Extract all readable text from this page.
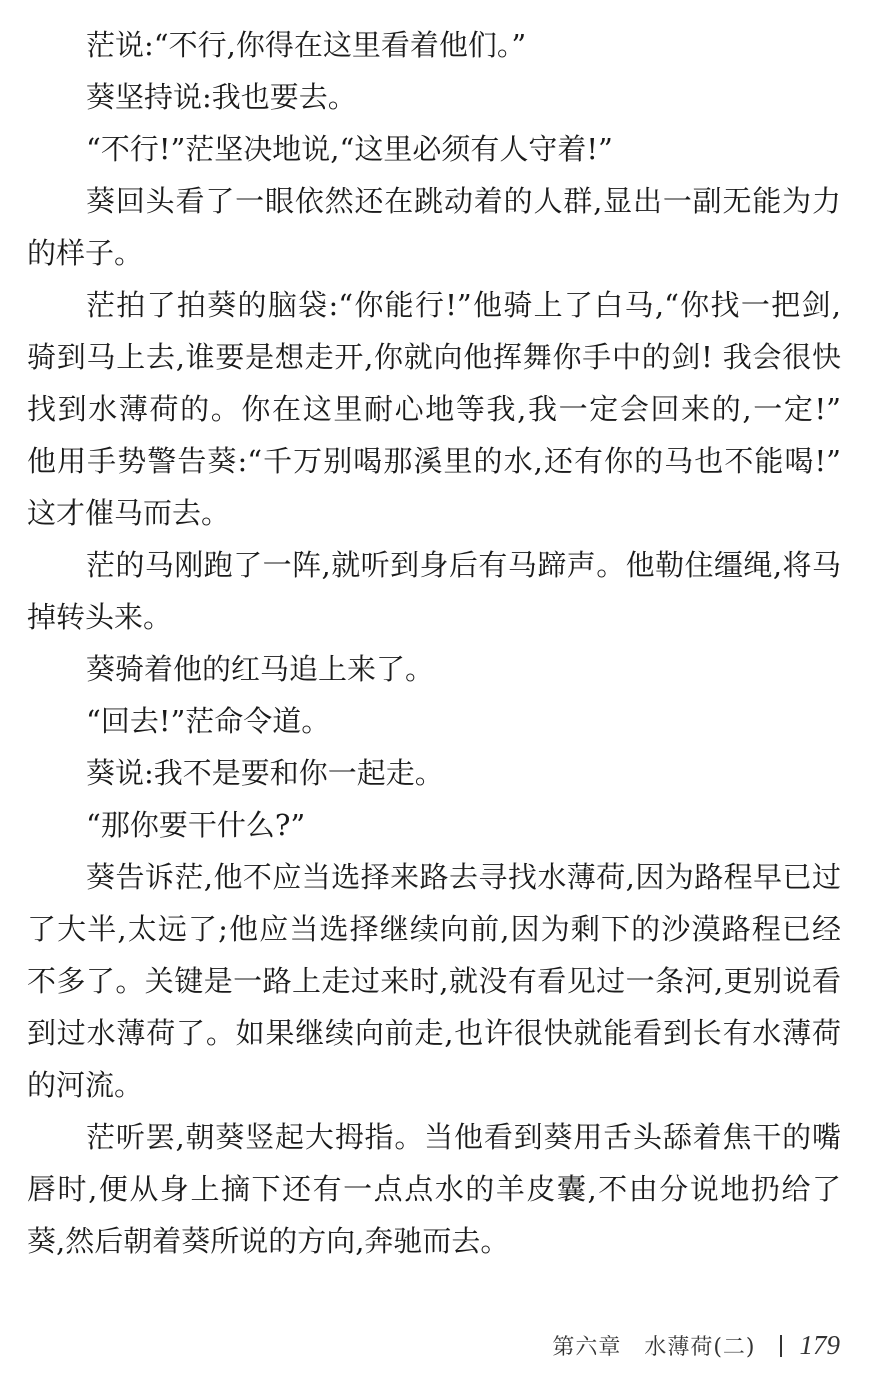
茫说:“不行,你得在这里看着他们。”
葵坚持说:我也要去。
“不行!”茫坚决地说,“这里必须有人守着!”
葵回头看了一眼依然还在跳动着的人群,显出一副无能为力
的样子。
茫拍了拍葵的脑袋:“你能行!”他骑上了白马,“你找一把剑,
骑到马上去,谁要是想走开,你就向他挥舞你手中的剑! 我会很快
找到水薄荷的。你在这里耐心地等我,我一定会回来的,一定!”
他用手势警告葵:“千万别喝那溪里的水,还有你的马也不能喝!”
这才催马而去。
茫的马刚跑了一阵,就听到身后有马蹄声。他勒住缰绳,将马
掉转头来。
葵骑着他的红马追上来了。
“回去!”茫命令道。
葵说:我不是要和你一起走。
“那你要干什么?”
葵告诉茫,他不应当选择来路去寻找水薄荷,因为路程早已过
了大半,太远了;他应当选择继续向前,因为剩下的沙漠路程已经
不多了。关键是一路上走过来时,就没有看见过一条河,更别说看
到过水薄荷了。如果继续向前走,也许很快就能看到长有水薄荷
的河流。
茫听罢,朝葵竖起大拇指。当他看到葵用舌头舔着焦干的嘴
唇时,便从身上摘下还有一点点水的羊皮囊,不由分说地扔给了
葵,然后朝着葵所说的方向,奔驰而去。
第六章　水薄荷(二) 179
